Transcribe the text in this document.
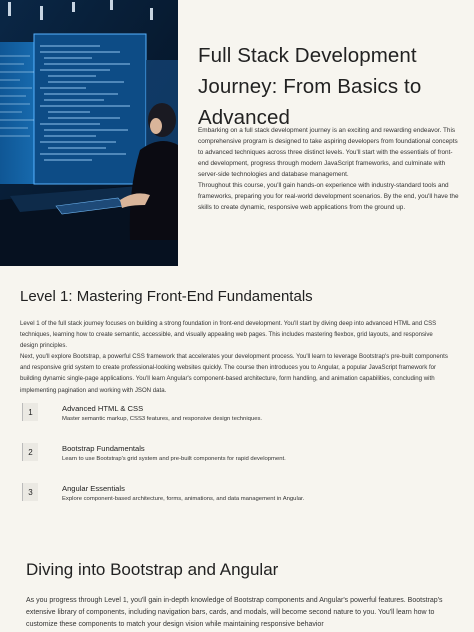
Full Stack Development Journey: From Basics to Advanced

Embarking on a full stack development journey is an exciting and rewarding endeavor. This comprehensive program is designed to take aspiring developers from foundational concepts to advanced techniques across three distinct levels. You'll start with the essentials of front-end development, progress through modern JavaScript frameworks, and culminate with server-side technologies and database management.

Throughout this course, you'll gain hands-on experience with industry-standard tools and frameworks, preparing you for real-world development scenarios. By the end, you'll have the skills to create dynamic, responsive web applications from the ground up.

Level 1: Mastering Front-End Fundamentals

Level 1 of the full stack journey focuses on building a strong foundation in front-end development. You'll start by diving deep into advanced HTML and CSS techniques, learning how to create semantic, accessible, and visually appealing web pages. This includes mastering flexbox, grid layouts, and responsive design principles.

Next, you'll explore Bootstrap, a powerful CSS framework that accelerates your development process. You'll learn to leverage Bootstrap's pre-built components and responsive grid system to create professional-looking websites quickly. The course then introduces you to Angular, a popular JavaScript framework for building dynamic single-page applications. You'll learn Angular's component-based architecture, form handling, and animation capabilities, concluding with implementing pagination and working with JSON data.

1	Advanced HTML & CSS
Master semantic markup, CSS3 features, and responsive design techniques.
2	Bootstrap Fundamentals
Learn to use Bootstrap's grid system and pre-built components for rapid development.
3	Angular Essentials
Explore component-based architecture, forms, animations, and data management in Angular.
Diving into Bootstrap and Angular

As you progress through Level 1, you'll gain in-depth knowledge of Bootstrap components and Angular's powerful features. Bootstrap's extensive library of components, including navigation bars, cards, and modals, will become second nature to you. You'll learn how to customize these components to match your design vision while maintaining responsive behavior
